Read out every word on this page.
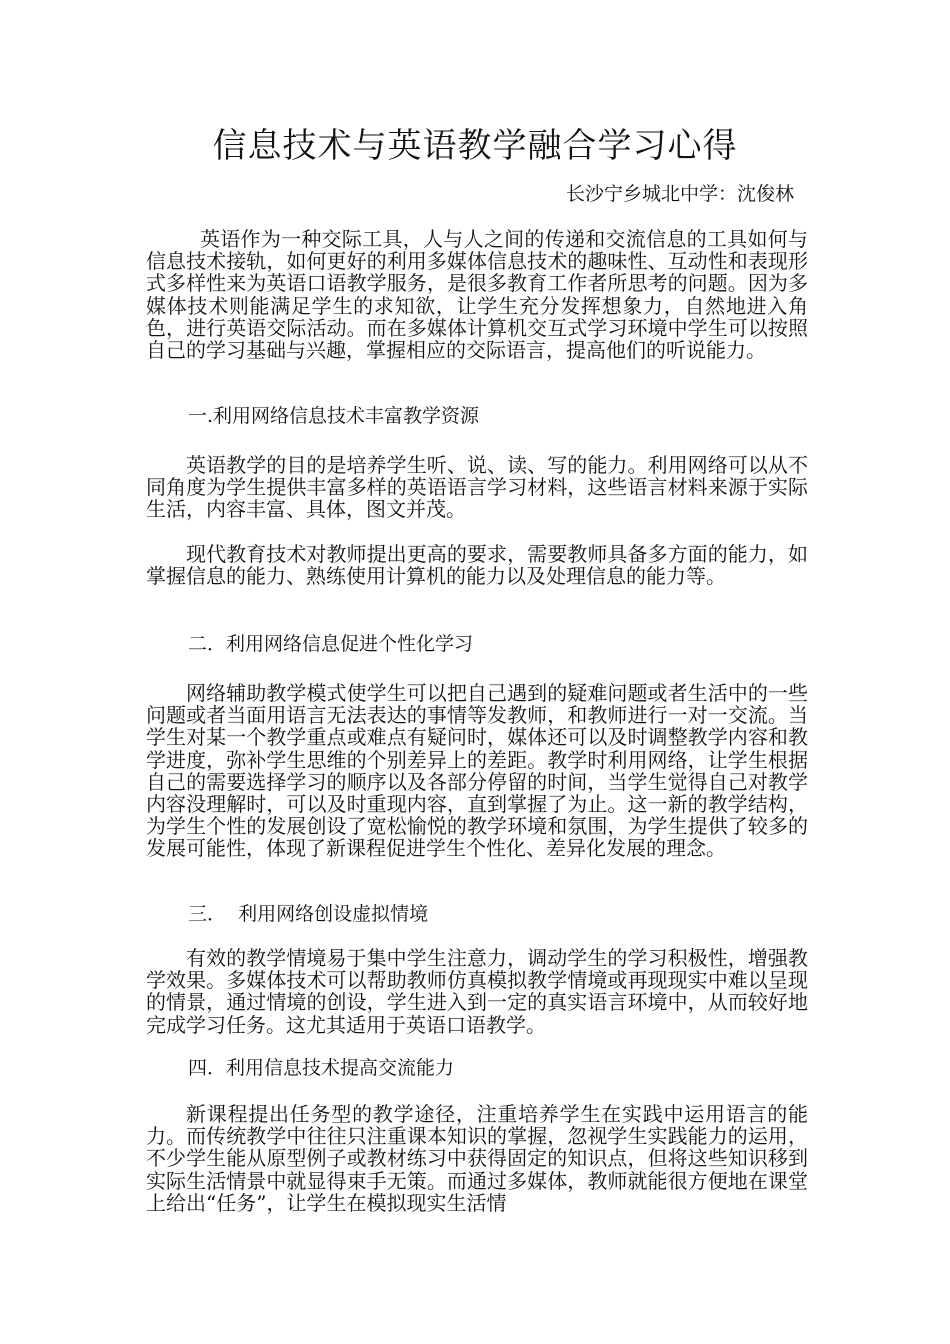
信息技术与英语教学融合学习心得

长沙宁乡城北中学：沈俊林

英语作为一种交际工具，人与人之间的传递和交流信息的工具如何与信息技术接轨，如何更好的利用多媒体信息技术的趣味性、互动性和表现形式多样性来为英语口语教学服务，是很多教育工作者所思考的问题。因为多媒体技术则能满足学生的求知欲，让学生充分发挥想象力，自然地进入角色，进行英语交际活动。而在多媒体计算机交互式学习环境中学生可以按照自己的学习基础与兴趣，掌握相应的交际语言，提高他们的听说能力。

一.利用网络信息技术丰富教学资源

英语教学的目的是培养学生听、说、读、写的能力。利用网络可以从不同角度为学生提供丰富多样的英语语言学习材料，这些语言材料来源于实际生活，内容丰富、具体，图文并茂。

现代教育技术对教师提出更高的要求，需要教师具备多方面的能力，如掌握信息的能力、熟练使用计算机的能力以及处理信息的能力等。

二．利用网络信息促进个性化学习

网络辅助教学模式使学生可以把自己遇到的疑难问题或者生活中的一些问题或者当面用语言无法表达的事情等发教师，和教师进行一对一交流。当学生对某一个教学重点或难点有疑问时，媒体还可以及时调整教学内容和教学进度，弥补学生思维的个别差异上的差距。教学时利用网络，让学生根据自己的需要选择学习的顺序以及各部分停留的时间，当学生觉得自己对教学内容没理解时，可以及时重现内容，直到掌握了为止。这一新的教学结构，为学生个性的发展创设了宽松愉悦的教学环境和氛围，为学生提供了较多的发展可能性，体现了新课程促进学生个性化、差异化发展的理念。

三．  利用网络创设虚拟情境

有效的教学情境易于集中学生注意力，调动学生的学习积极性，增强教学效果。多媒体技术可以帮助教师仿真模拟教学情境或再现现实中难以呈现的情景，通过情境的创设，学生进入到一定的真实语言环境中，从而较好地完成学习任务。这尤其适用于英语口语教学。

四．利用信息技术提高交流能力

新课程提出任务型的教学途径，注重培养学生在实践中运用语言的能力。而传统教学中往往只注重课本知识的掌握，忽视学生实践能力的运用，不少学生能从原型例子或教材练习中获得固定的知识点，但将这些知识移到实际生活情景中就显得束手无策。而通过多媒体，教师就能很方便地在课堂上给出“任务”，让学生在模拟现实生活情
